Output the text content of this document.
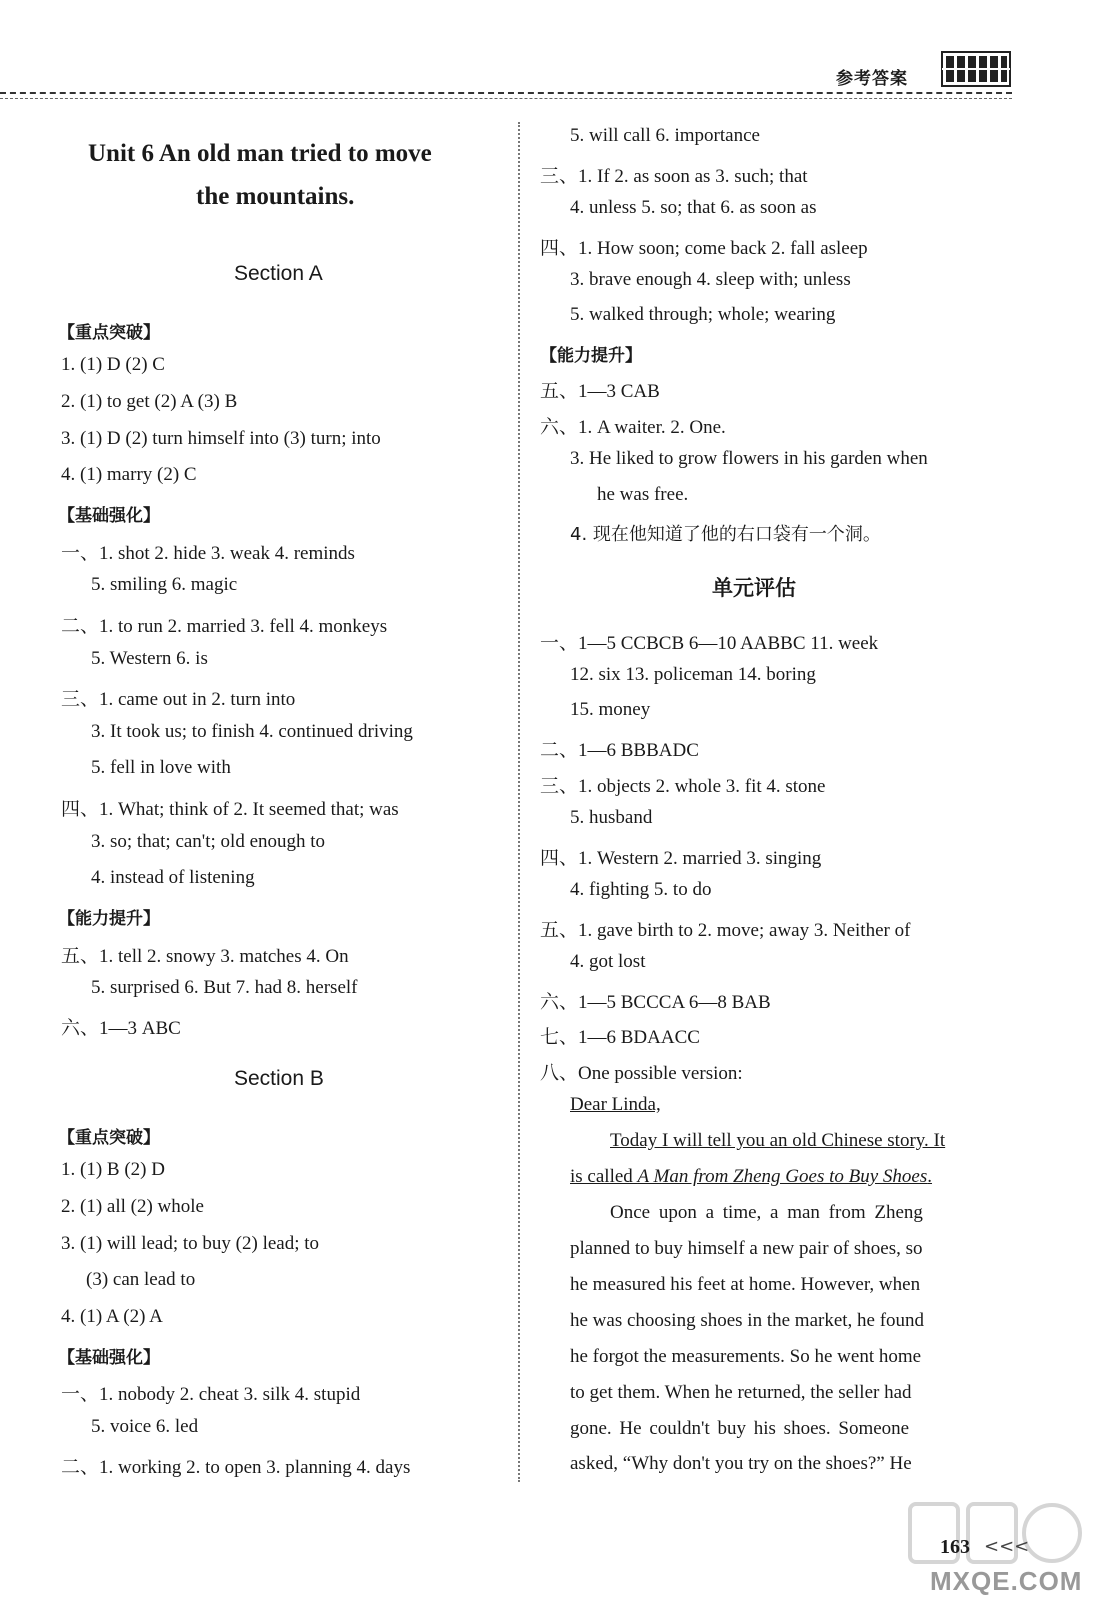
参考答案
Unit 6 An old man tried to move
the mountains.
Section A
【重点突破】
1. (1) D (2) C
2. (1) to get (2) A (3) B
3. (1) D (2) turn himself into (3) turn; into
4. (1) marry (2) C
【基础强化】
一、1. shot 2. hide 3. weak 4. reminds
5. smiling 6. magic
二、1. to run 2. married 3. fell 4. monkeys
5. Western 6. is
三、1. came out in 2. turn into
3. It took us; to finish 4. continued driving
5. fell in love with
四、1. What; think of 2. It seemed that; was
3. so; that; can't; old enough to
4. instead of listening
【能力提升】
五、1. tell 2. snowy 3. matches 4. On
5. surprised 6. But 7. had 8. herself
六、1—3 ABC
Section B
【重点突破】
1. (1) B (2) D
2. (1) all (2) whole
3. (1) will lead; to buy (2) lead; to
(3) can lead to
4. (1) A (2) A
【基础强化】
一、1. nobody 2. cheat 3. silk 4. stupid
5. voice 6. led
二、1. working 2. to open 3. planning 4. days
5. will call 6. importance
三、1. If 2. as soon as 3. such; that
4. unless 5. so; that 6. as soon as
四、1. How soon; come back 2. fall asleep
3. brave enough 4. sleep with; unless
5. walked through; whole; wearing
【能力提升】
五、1—3 CAB
六、1. A waiter. 2. One.
3. He liked to grow flowers in his garden when
he was free.
4. 现在他知道了他的右口袋有一个洞。
单元评估
一、1—5 CCBCB 6—10 AABBC 11. week
12. six 13. policeman 14. boring
15. money
二、1—6 BBBADC
三、1. objects 2. whole 3. fit 4. stone
5. husband
四、1. Western 2. married 3. singing
4. fighting 5. to do
五、1. gave birth to 2. move; away 3. Neither of
4. got lost
六、1—5 BCCCA 6—8 BAB
七、1—6 BDAACC
八、One possible version:
Dear Linda,
Today I will tell you an old Chinese story. It
is called A Man from Zheng Goes to Buy Shoes.
Once upon a time, a man from Zheng
planned to buy himself a new pair of shoes, so
he measured his feet at home. However, when
he was choosing shoes in the market, he found
he forgot the measurements. So he went home
to get them. When he returned, the seller had
gone. He couldn't buy his shoes. Someone
asked, “Why don't you try on the shoes?” He
MXQE.COM
163 <<<
